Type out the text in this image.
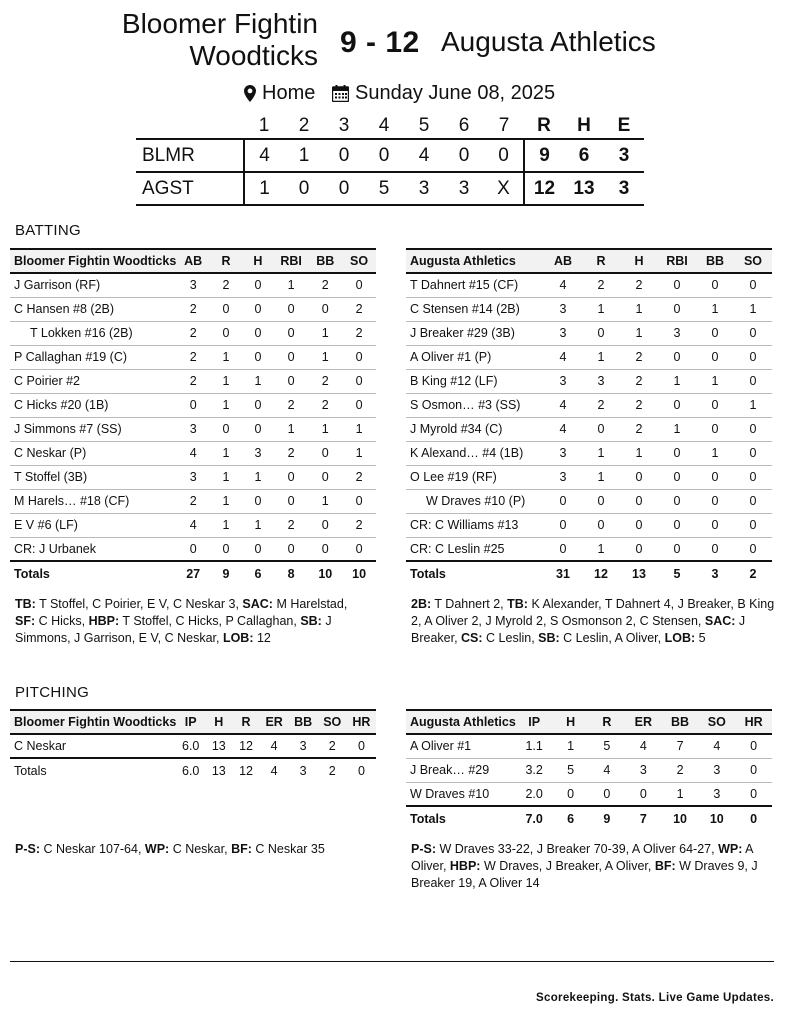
Bloomer Fightin
Woodticks 9 - 12 Augusta Athletics
Home Sunday June 08, 2025
	1	2	3	4	5	6	7	R	H	E
BLMR	4	1	0	0	4	0	0	9	6	3
AGST	1	0	0	5	3	3	X	12	13	3
BATTING
Bloomer Fightin Woodticks	AB	R	H	RBI	BB	SO
J Garrison (RF)	3	2	0	1	2	0
C Hansen #8 (2B)	2	0	0	0	0	2
T Lokken #16 (2B)	2	0	0	0	1	2
P Callaghan #19 (C)	2	1	0	0	1	0
C Poirier #2	2	1	1	0	2	0
C Hicks #20 (1B)	0	1	0	2	2	0
J Simmons #7 (SS)	3	0	0	1	1	1
C Neskar (P)	4	1	3	2	0	1
T Stoffel (3B)	3	1	1	0	0	2
M Harels… #18 (CF)	2	1	0	0	1	0
E V #6 (LF)	4	1	1	2	0	2
CR: J Urbanek	0	0	0	0	0	0
Totals	27	9	6	8	10	10
Augusta Athletics	AB	R	H	RBI	BB	SO
T Dahnert #15 (CF)	4	2	2	0	0	0
C Stensen #14 (2B)	3	1	1	0	1	1
J Breaker #29 (3B)	3	0	1	3	0	0
A Oliver #1 (P)	4	1	2	0	0	0
B King #12 (LF)	3	3	2	1	1	0
S Osmon… #3 (SS)	4	2	2	0	0	1
J Myrold #34 (C)	4	0	2	1	0	0
K Alexand… #4 (1B)	3	1	1	0	1	0
O Lee #19 (RF)	3	1	0	0	0	0
W Draves #10 (P)	0	0	0	0	0	0
CR: C Williams #13	0	0	0	0	0	0
CR: C Leslin #25	0	1	0	0	0	0
Totals	31	12	13	5	3	2
TB: T Stoffel, C Poirier, E V, C Neskar 3, SAC: M Harelstad, SF: C Hicks, HBP: T Stoffel, C Hicks, P Callaghan, SB: J Simmons, J Garrison, E V, C Neskar, LOB: 12
2B: T Dahnert 2, TB: K Alexander, T Dahnert 4, J Breaker, B King 2, A Oliver 2, J Myrold 2, S Osmonson 2, C Stensen, SAC: J Breaker, CS: C Leslin, SB: C Leslin, A Oliver, LOB: 5
PITCHING
Bloomer Fightin Woodticks	IP	H	R	ER	BB	SO	HR
C Neskar	6.0	13	12	4	3	2	0
Totals	6.0	13	12	4	3	2	0
Augusta Athletics	IP	H	R	ER	BB	SO	HR
A Oliver #1	1.1	1	5	4	7	4	0
J Break… #29	3.2	5	4	3	2	3	0
W Draves #10	2.0	0	0	0	1	3	0
Totals	7.0	6	9	7	10	10	0
P-S: C Neskar 107-64, WP: C Neskar, BF: C Neskar 35	P-S: W Draves 33-22, J Breaker 70-39, A Oliver 64-27, WP: A Oliver, HBP: W Draves, J Breaker, A Oliver, BF: W Draves 9, J Breaker 19, A Oliver 14
Scorekeeping. Stats. Live Game Updates.
